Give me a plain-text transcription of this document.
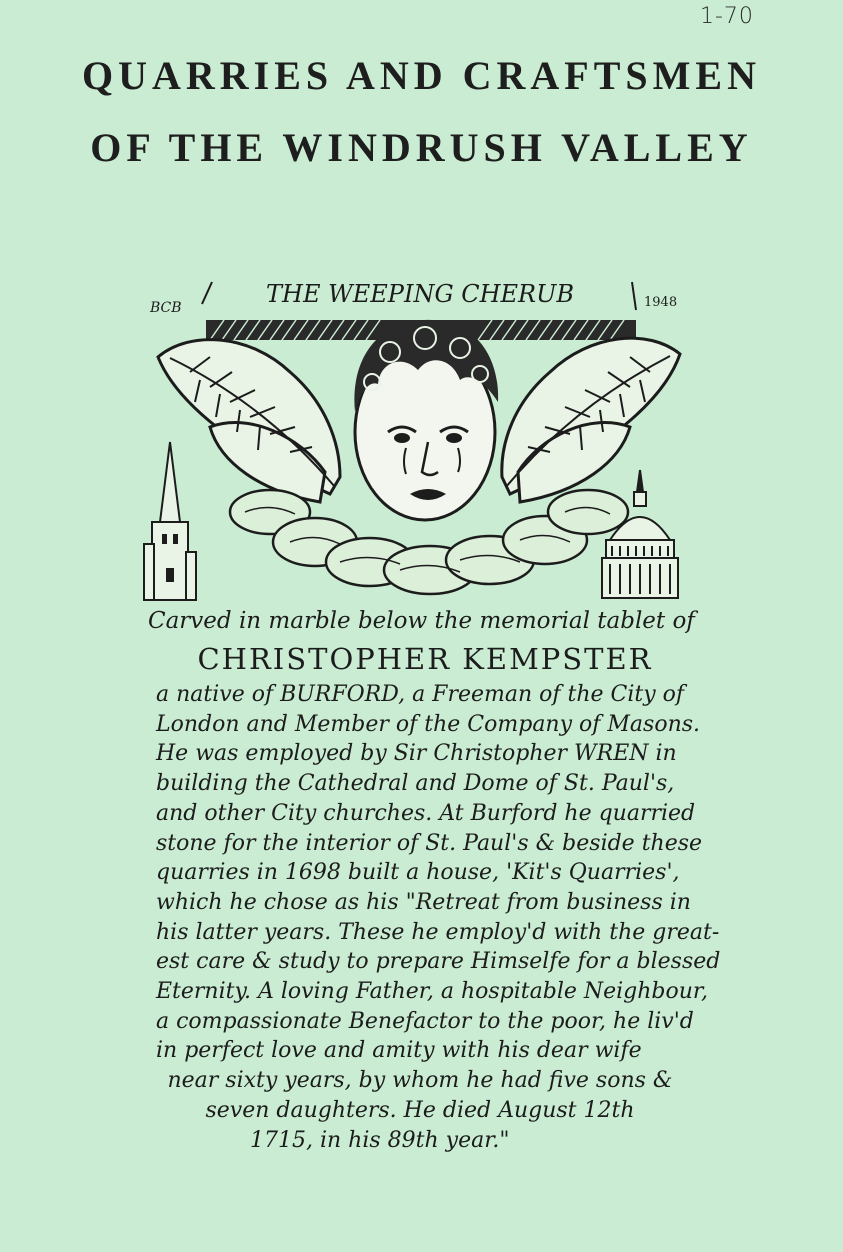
1-70
QUARRIES AND CRAFTSMEN
OF THE WINDRUSH VALLEY
BCB	THE WEEPING CHERUB	1948
Carved in marble below the memorial tablet of
CHRISTOPHER KEMPSTER
a native of BURFORD, a Freeman of the City of
London and Member of the Company of Masons.
He was employed by Sir Christopher WREN in
building the Cathedral and Dome of St. Paul's,
and other City churches. At Burford he quarried
stone for the interior of St. Paul's & beside these
quarries in 1698 built a house, 'Kit's Quarries',
which he chose as his "Retreat from business in
his latter years. These he employ'd with the great-
est care & study to prepare Himselfe for a blessed
Eternity. A loving Father, a hospitable Neighbour,
a compassionate Benefactor to the poor, he liv'd
in perfect love and amity with his dear wife
near sixty years, by whom he had five sons &
seven daughters. He died August 12th
1715, in his 89th year."
